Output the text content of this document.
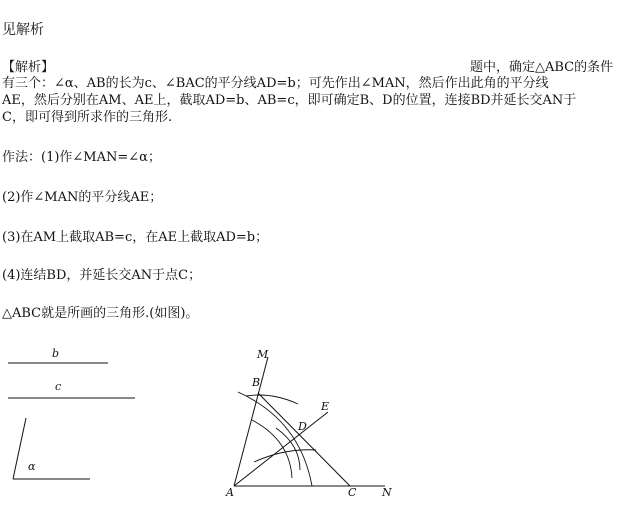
见解析
【解析】	题中，确定△ABC的条件
有三个：∠α、AB的长为c、∠BAC的平分线AD=b；可先作出∠MAN，然后作出此角的平分线
AE，然后分别在AM、AE上，截取AD=b、AB=c，即可确定B、D的位置，连接BD并延长交AN于
C，即可得到所求作的三角形.
作法：(1)作∠MAN=∠α；
(2)作∠MAN的平分线AE；
(3)在AM上截取AB=c，在AE上截取AD=b；
(4)连结BD，并延长交AN于点C；
△ABC就是所画的三角形.(如图)。
b
c
α
M
B
E
D
A	C N
